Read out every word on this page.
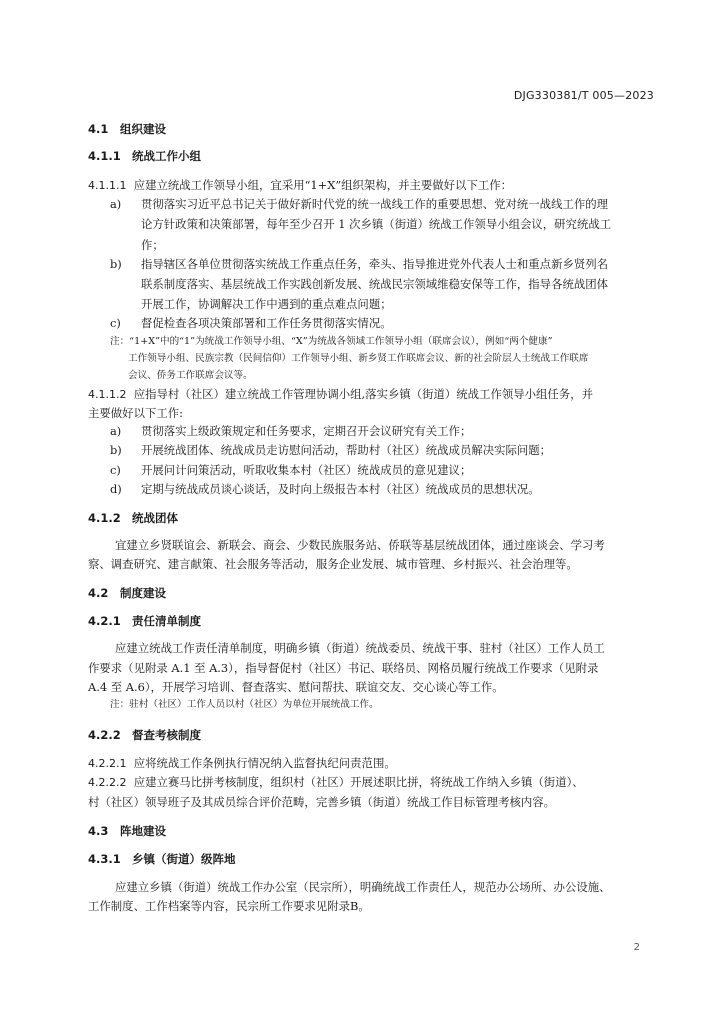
DJG330381/T 005—2023
4.1 组织建设
4.1.1 统战工作小组
4.1.1.1 应建立统战工作领导小组，宜采用“1+X”组织架构，并主要做好以下工作：
a) 贯彻落实习近平总书记关于做好新时代党的统一战线工作的重要思想、党对统一战线工作的理
论方针政策和决策部署，每年至少召开 1 次乡镇（街道）统战工作领导小组会议，研究统战工
作；
b) 指导辖区各单位贯彻落实统战工作重点任务，牵头、指导推进党外代表人士和重点新乡贤列名
联系制度落实、基层统战工作实践创新发展、统战民宗领域维稳安保等工作，指导各统战团体
开展工作，协调解决工作中遇到的重点难点问题；
c) 督促检查各项决策部署和工作任务贯彻落实情况。
注：“1+X”中的“1”为统战工作领导小组、“X”为统战各领域工作领导小组（联席会议），例如“两个健康”
工作领导小组、民族宗教（民间信仰）工作领导小组、新乡贤工作联席会议、新的社会阶层人士统战工作联席
会议、侨务工作联席会议等。
4.1.1.2 应指导村（社区）建立统战工作管理协调小组,落实乡镇（街道）统战工作领导小组任务，并
主要做好以下工作:
a) 贯彻落实上级政策规定和任务要求，定期召开会议研究有关工作；
b) 开展统战团体、统战成员走访慰问活动，帮助村（社区）统战成员解决实际问题；
c) 开展问计问策活动，听取收集本村（社区）统战成员的意见建议；
d) 定期与统战成员谈心谈话，及时向上级报告本村（社区）统战成员的思想状况。
4.1.2 统战团体
宜建立乡贤联谊会、新联会、商会、少数民族服务站、侨联等基层统战团体，通过座谈会、学习考
察、调查研究、建言献策、社会服务等活动，服务企业发展、城市管理、乡村振兴、社会治理等。
4.2 制度建设
4.2.1 责任清单制度
应建立统战工作责任清单制度，明确乡镇（街道）统战委员、统战干事、驻村（社区）工作人员工
作要求（见附录 A.1 至 A.3），指导督促村（社区）书记、联络员、网格员履行统战工作要求（见附录
A.4 至 A.6），开展学习培训、督查落实、慰问帮扶、联谊交友、交心谈心等工作。
注：驻村（社区）工作人员以村（社区）为单位开展统战工作。
4.2.2 督查考核制度
4.2.2.1 应将统战工作条例执行情况纳入监督执纪问责范围。
4.2.2.2 应建立赛马比拼考核制度，组织村（社区）开展述职比拼，将统战工作纳入乡镇（街道）、
村（社区）领导班子及其成员综合评价范畴，完善乡镇（街道）统战工作目标管理考核内容。
4.3 阵地建设
4.3.1 乡镇（街道）级阵地
应建立乡镇（街道）统战工作办公室（民宗所），明确统战工作责任人，规范办公场所、办公设施、
工作制度、工作档案等内容，民宗所工作要求见附录B。
2
